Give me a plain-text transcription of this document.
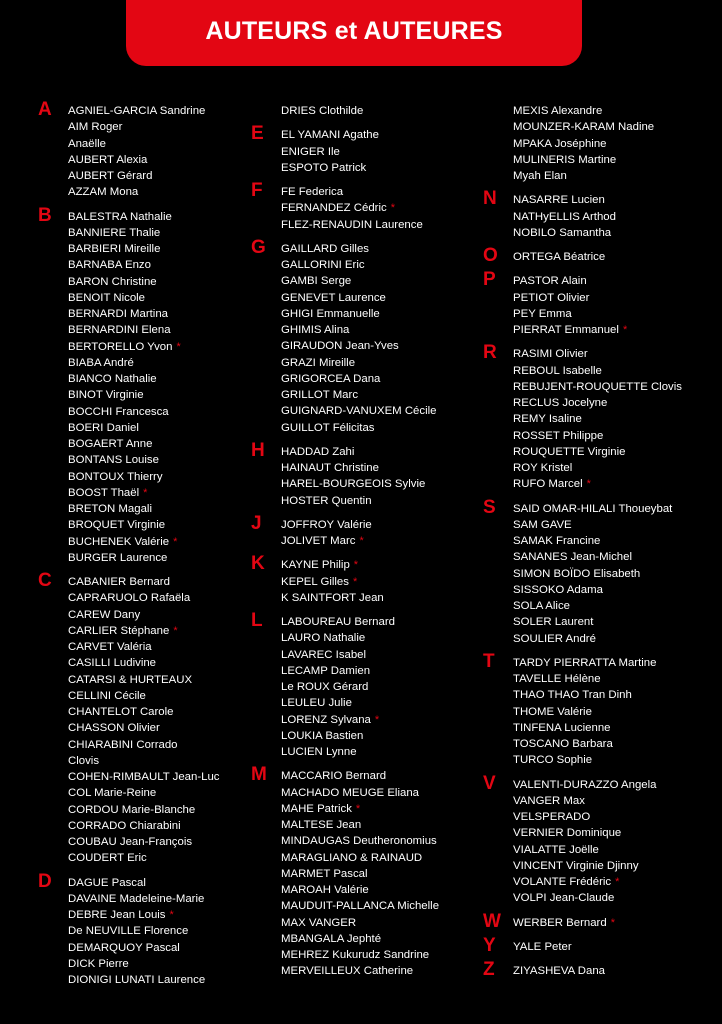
AUTEURS et AUTEURES
A AGNIEL-GARCIA Sandrine
AIM Roger
Anaëlle
AUBERT Alexia
AUBERT Gérard
AZZAM Mona
B BALESTRA Nathalie
BANNIERE Thalie
BARBIERI Mireille
BARNABA Enzo
BARON Christine
BENOIT Nicole
BERNARDI Martina
BERNARDINI Elena
BERTORELLO Yvon *
BIABA André
BIANCO Nathalie
BINOT Virginie
BOCCHI Francesca
BOERI Daniel
BOGAERT Anne
BONTANS Louise
BONTOUX Thierry
BOOST Thaël *
BRETON Magali
BROQUET Virginie
BUCHENEK Valérie *
BURGER Laurence
C CABANIER Bernard
CAPRARUOLO Rafaëla
CAREW Dany
CARLIER Stéphane *
CARVET Valéria
CASILLI Ludivine
CATARSI & HURTEAUX
CELLINI Cécile
CHANTELOT Carole
CHASSON Olivier
CHIARABINI Corrado
Clovis
COHEN-RIMBAULT Jean-Luc
COL Marie-Reine
CORDOU Marie-Blanche
CORRADO Chiarabini
COUBAU Jean-François
COUDERT Eric
D DAGUE Pascal
DAVAINE Madeleine-Marie
DEBRE Jean Louis *
De NEUVILLE Florence
DEMARQUOY Pascal
DICK Pierre
DIONIGI LUNATI Laurence
DRIES Clothilde
E EL YAMANI Agathe
ENIGER Ile
ESPOTO Patrick
F FE Federica
FERNANDEZ Cédric *
FLEZ-RENAUDIN Laurence
G GAILLARD Gilles
GALLORINI Eric
GAMBI Serge
GENEVET Laurence
GHIGI Emmanuelle
GHIMIS Alina
GIRAUDON Jean-Yves
GRAZI Mireille
GRIGORCEA Dana
GRILLOT Marc
GUIGNARD-VANUXEM Cécile
GUILLOT Félicitas
H HADDAD Zahi
HAINAUT Christine
HAREL-BOURGEOIS Sylvie
HOSTER Quentin
J JOFFROY Valérie
JOLIVET Marc *
K KAYNE Philip *
KEPEL Gilles *
K SAINTFORT Jean
L LABOUREAU Bernard
LAURO Nathalie
LAVAREC Isabel
LECAMP Damien
Le ROUX Gérard
LEULEU Julie
LORENZ Sylvana *
LOUKIA Bastien
LUCIEN Lynne
M MACCARIO Bernard
MACHADO MEUGE Eliana
MAHE Patrick *
MALTESE Jean
MINDAUGAS Deutheronomius
MARAGLIANO & RAINAUD
MARMET Pascal
MAROAH Valérie
MAUDUIT-PALLANCA Michelle
MAX VANGER
MBANGALA Jephté
MEHREZ Kukurudz Sandrine
MERVEILLEUX Catherine
MEXIS Alexandre
MOUNZER-KARAM Nadine
MPAKA Joséphine
MULINERIS Martine
Myah Elan
N NASARRE Lucien
NATHyELLIS Arthod
NOBILO Samantha
O ORTEGA Béatrice
P PASTOR Alain
PETIOT Olivier
PEY Emma
PIERRAT Emmanuel *
R RASIMI Olivier
REBOUL Isabelle
REBUJENT-ROUQUETTE Clovis
RECLUS Jocelyne
REMY Isaline
ROSSET Philippe
ROUQUETTE Virginie
ROY Kristel
RUFO Marcel *
S SAID OMAR-HILALI Thoueybat
SAM GAVE
SAMAK Francine
SANANES Jean-Michel
SIMON BOÏDO Elisabeth
SISSOKO Adama
SOLA Alice
SOLER Laurent
SOULIER André
T TARDY PIERRATTA Martine
TAVELLE Hélène
THAO THAO Tran Dinh
THOME Valérie
TINFENA Lucienne
TOSCANO Barbara
TURCO Sophie
V VALENTI-DURAZZO Angela
VANGER Max
VELSPERADO
VERNIER Dominique
VIALATTE Joëlle
VINCENT Virginie Djinny
VOLANTE Frédéric *
VOLPI Jean-Claude
W WERBER Bernard *
Y YALE Peter
Z ZIYASHEVA Dana
